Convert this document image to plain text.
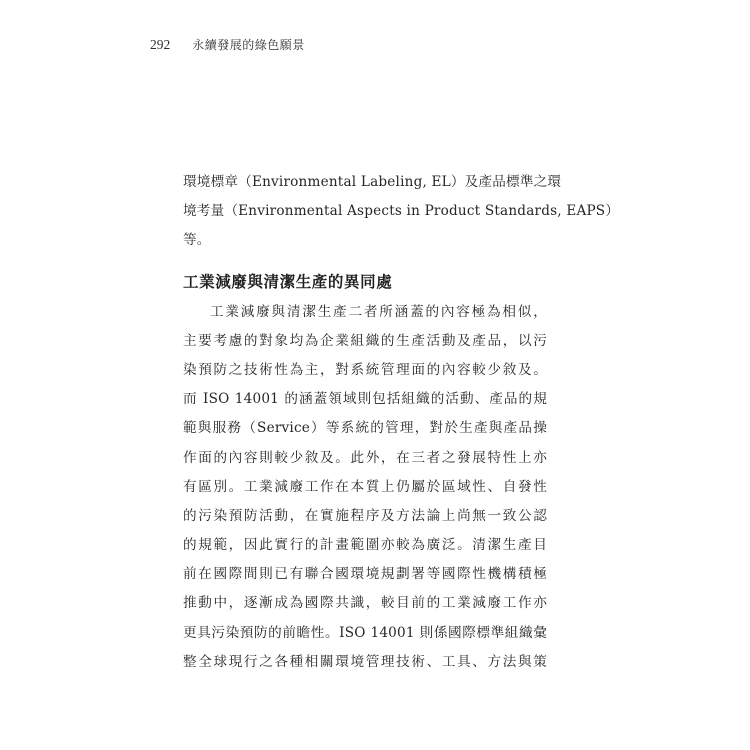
292 永續發展的綠色願景
環境標章（Environmental Labeling, EL）及產品標準之環
境考量（Environmental Aspects in Product Standards, EAPS）
等。
工業減廢與清潔生產的異同處
工業減廢與清潔生產二者所涵蓋的內容極為相似，
主要考慮的對象均為企業組織的生產活動及產品，以污
染預防之技術性為主，對系統管理面的內容較少敘及。
而 ISO 14001 的涵蓋領域則包括組織的活動、產品的規
範與服務（Service）等系統的管理，對於生產與產品操
作面的內容則較少敘及。此外，在三者之發展特性上亦
有區別。工業減廢工作在本質上仍屬於區域性、自發性
的污染預防活動，在實施程序及方法論上尚無一致公認
的規範，因此實行的計畫範圍亦較為廣泛。清潔生產目
前在國際間則已有聯合國環境規劃署等國際性機構積極
推動中，逐漸成為國際共識，較目前的工業減廢工作亦
更具污染預防的前瞻性。ISO 14001 則係國際標準組織彙
整全球現行之各種相關環境管理技術、工具、方法與策
